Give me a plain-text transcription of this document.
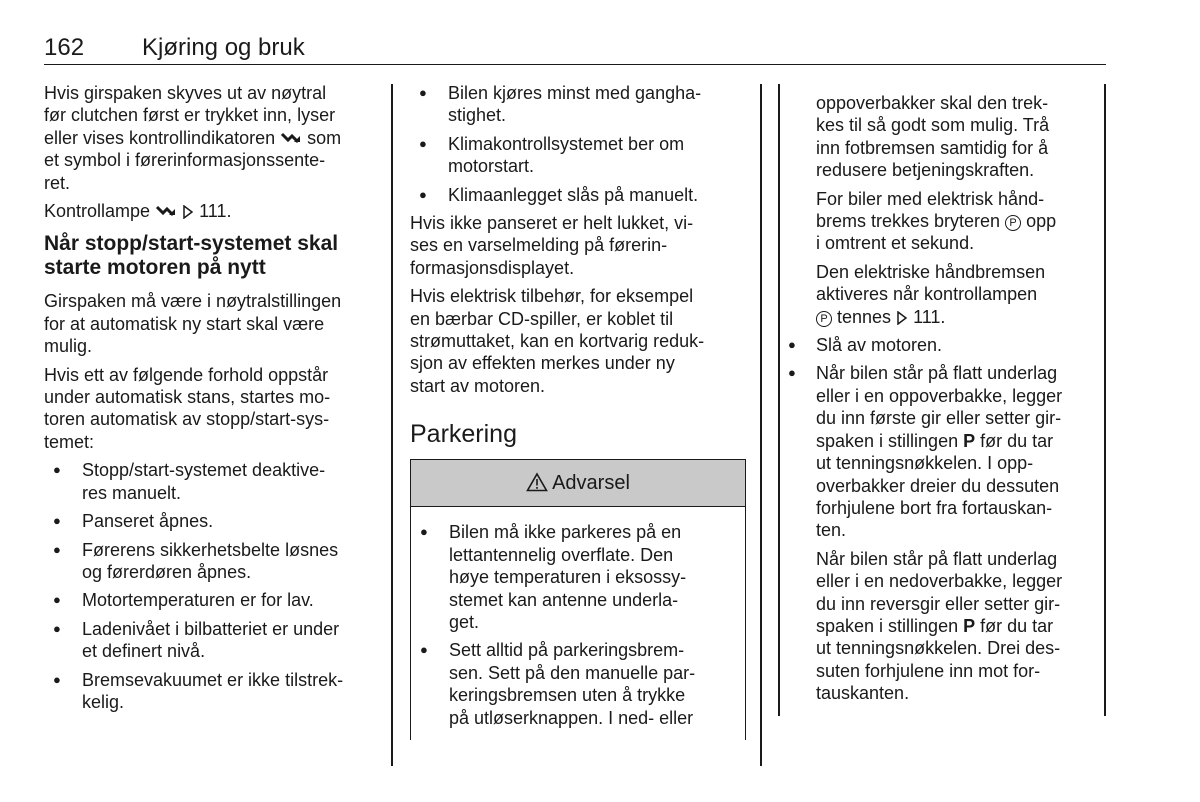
162 Kjøring og bruk

Hvis girspaken skyves ut av nøytral
før clutchen først er trykket inn, lyser
eller vises kontrollindikatoren  som
et symbol i førerinformasjonssente-
ret.

Kontrollampe   111.

Når stopp/start-systemet skal
starte motoren på nytt

Girspaken må være i nøytralstillingen
for at automatisk ny start skal være
mulig.

Hvis ett av følgende forhold oppstår
under automatisk stans, startes mo-
toren automatisk av stopp/start-sys-
temet:

● Stopp/start-systemet deaktive-
res manuelt.
● Panseret åpnes.
● Førerens sikkerhetsbelte løsnes
og førerdøren åpnes.
● Motortemperaturen er for lav.
● Ladenivået i bilbatteriet er under
et definert nivå.
● Bremsevakuumet er ikke tilstrek-
kelig.
● Bilen kjøres minst med gangha-
stighet.
● Klimakontrollsystemet ber om
motorstart.
● Klimaanlegget slås på manuelt.

Hvis ikke panseret er helt lukket, vi-
ses en varselmelding på førerin-
formasjonsdisplayet.

Hvis elektrisk tilbehør, for eksempel
en bærbar CD-spiller, er koblet til
strømuttaket, kan en kortvarig reduk-
sjon av effekten merkes under ny
start av motoren.

Parkering
Advarsel
● Bilen må ikke parkeres på en
lettantennelig overflate. Den
høye temperaturen i eksossy-
stemet kan antenne underla-
get.
● Sett alltid på parkeringsbrem-
sen. Sett på den manuelle par-
keringsbremsen uten å trykke
på utløserknappen. I ned- eller

oppoverbakker skal den trek-
kes til så godt som mulig. Trå
inn fotbremsen samtidig for å
redusere betjeningskraften.

For biler med elektrisk hånd-
brems trekkes bryteren P opp
i omtrent et sekund.

Den elektriske håndbremsen
aktiveres når kontrollampen
P tennes  111.

● Slå av motoren.
● Når bilen står på flatt underlag
eller i en oppoverbakke, legger
du inn første gir eller setter gir-
spaken i stillingen P før du tar
ut tenningsnøkkelen. I opp-
overbakker dreier du dessuten
forhjulene bort fra fortauskan-
ten.

Når bilen står på flatt underlag
eller i en nedoverbakke, legger
du inn reversgir eller setter gir-
spaken i stillingen P før du tar
ut tenningsnøkkelen. Drei des-
suten forhjulene inn mot for-
tauskanten.
